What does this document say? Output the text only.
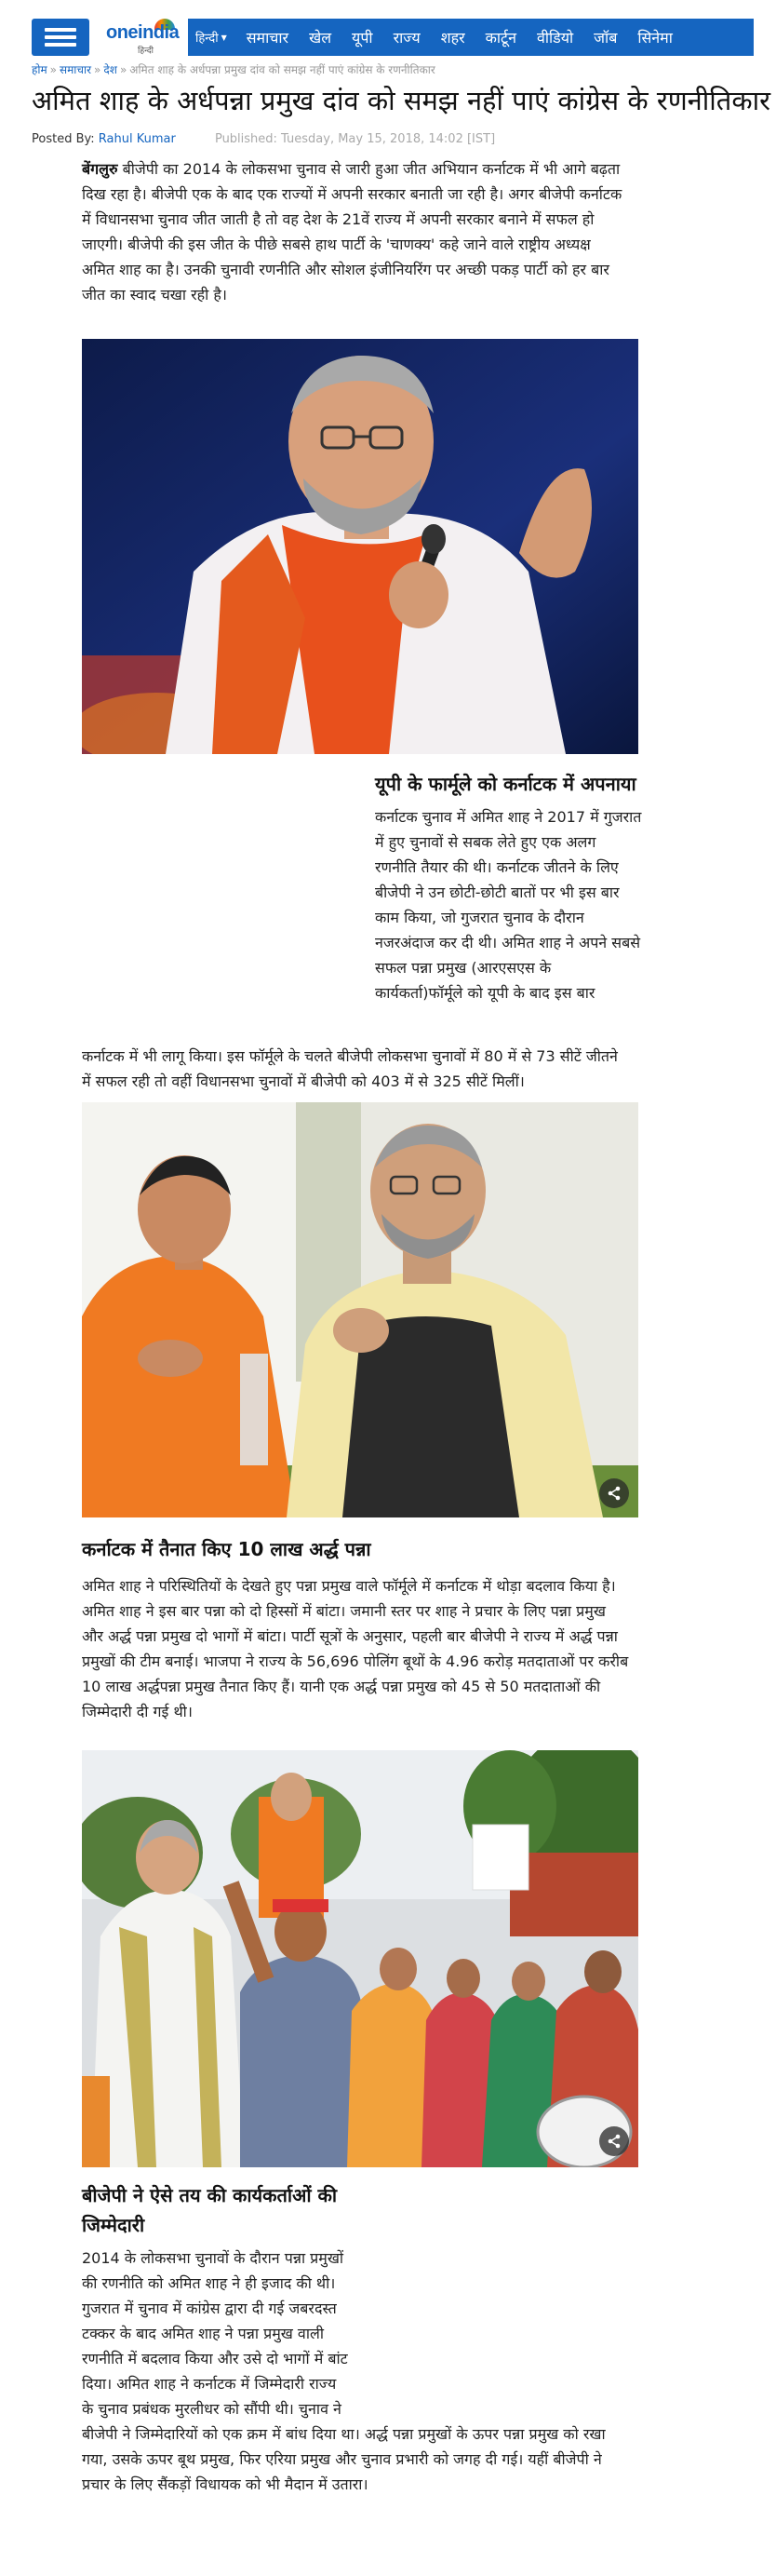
oneindia
हिन्दी
हिन्दी ▼	समाचार	खेल	यूपी	राज्य	शहर	कार्टून	वीडियो	जॉब	सिनेमा
होम » समाचार » देश » अमित शाह के अर्धपन्ना प्रमुख दांव को समझ नहीं पाएं कांग्रेस के रणनीतिकार
अमित शाह के अर्धपन्ना प्रमुख दांव को समझ नहीं पाएं कांग्रेस के रणनीतिकार
Posted By: Rahul Kumar	Published: Tuesday, May 15, 2018, 14:02 [IST]
बेंगलुरु बीजेपी का 2014 के लोकसभा चुनाव से जारी हुआ जीत अभियान कर्नाटक में भी आगे बढ़ता
दिख रहा है। बीजेपी एक के बाद एक राज्यों में अपनी सरकार बनाती जा रही है। अगर बीजेपी कर्नाटक
में विधानसभा चुनाव जीत जाती है तो वह देश के 21वें राज्य में अपनी सरकार बनाने में सफल हो
जाएगी। बीजेपी की इस जीत के पीछे सबसे हाथ पार्टी के 'चाणक्य' कहे जाने वाले राष्ट्रीय अध्यक्ष
अमित शाह का है। उनकी चुनावी रणनीति और सोशल इंजीनियरिंग पर अच्छी पकड़ पार्टी को हर बार
जीत का स्वाद चखा रही है।
यूपी के फार्मूले को कर्नाटक में अपनाया
कर्नाटक चुनाव में अमित शाह ने 2017 में गुजरात
में हुए चुनावों से सबक लेते हुए एक अलग
रणनीति तैयार की थी। कर्नाटक जीतने के लिए
बीजेपी ने उन छोटी-छोटी बातों पर भी इस बार
काम किया, जो गुजरात चुनाव के दौरान
नजरअंदाज कर दी थी। अमित शाह ने अपने सबसे
सफल पन्ना प्रमुख (आरएसएस के
कार्यकर्ता)फॉर्मूले को यूपी के बाद इस बार
कर्नाटक में भी लागू किया। इस फॉर्मूले के चलते बीजेपी लोकसभा चुनावों में 80 में से 73 सीटें जीतने
में सफल रही तो वहीं विधानसभा चुनावों में बीजेपी को 403 में से 325 सीटें मिलीं।
कर्नाटक में तैनात किए 10 लाख अर्द्ध पन्ना
अमित शाह ने परिस्थितियों के देखते हुए पन्ना प्रमुख वाले फॉर्मूले में कर्नाटक में थोड़ा बदलाव किया है।
अमित शाह ने इस बार पन्ना को दो हिस्सों में बांटा। जमानी स्तर पर शाह ने प्रचार के लिए पन्ना प्रमुख
और अर्द्ध पन्ना प्रमुख दो भागों में बांटा। पार्टी सूत्रों के अनुसार, पहली बार बीजेपी ने राज्य में अर्द्ध पन्ना
प्रमुखों की टीम बनाई। भाजपा ने राज्य के 56,696 पोलिंग बूथों के 4.96 करोड़ मतदाताओं पर करीब
10 लाख अर्द्धपन्ना प्रमुख तैनात किए हैं। यानी एक अर्द्ध पन्ना प्रमुख को 45 से 50 मतदाताओं की
जिम्मेदारी दी गई थी।
बीजेपी ने ऐसे तय की कार्यकर्ताओं की
जिम्मेदारी
2014 के लोकसभा चुनावों के दौरान पन्ना प्रमुखों
की रणनीति को अमित शाह ने ही इजाद की थी।
गुजरात में चुनाव में कांग्रेस द्वारा दी गई जबरदस्त
टक्कर के बाद अमित शाह ने पन्ना प्रमुख वाली
रणनीति में बदलाव किया और उसे दो भागों में बांट
दिया। अमित शाह ने कर्नाटक में जिम्मेदारी राज्य
के चुनाव प्रबंधक मुरलीधर को सौंपी थी। चुनाव ने
बीजेपी ने जिम्मेदारियों को एक क्रम में बांध दिया था। अर्द्ध पन्ना प्रमुखों के ऊपर पन्ना प्रमुख को रखा
गया, उसके ऊपर बूथ प्रमुख, फिर एरिया प्रमुख और चुनाव प्रभारी को जगह दी गई। यहीं बीजेपी ने
प्रचार के लिए सैंकड़ों विधायक को भी मैदान में उतारा।
